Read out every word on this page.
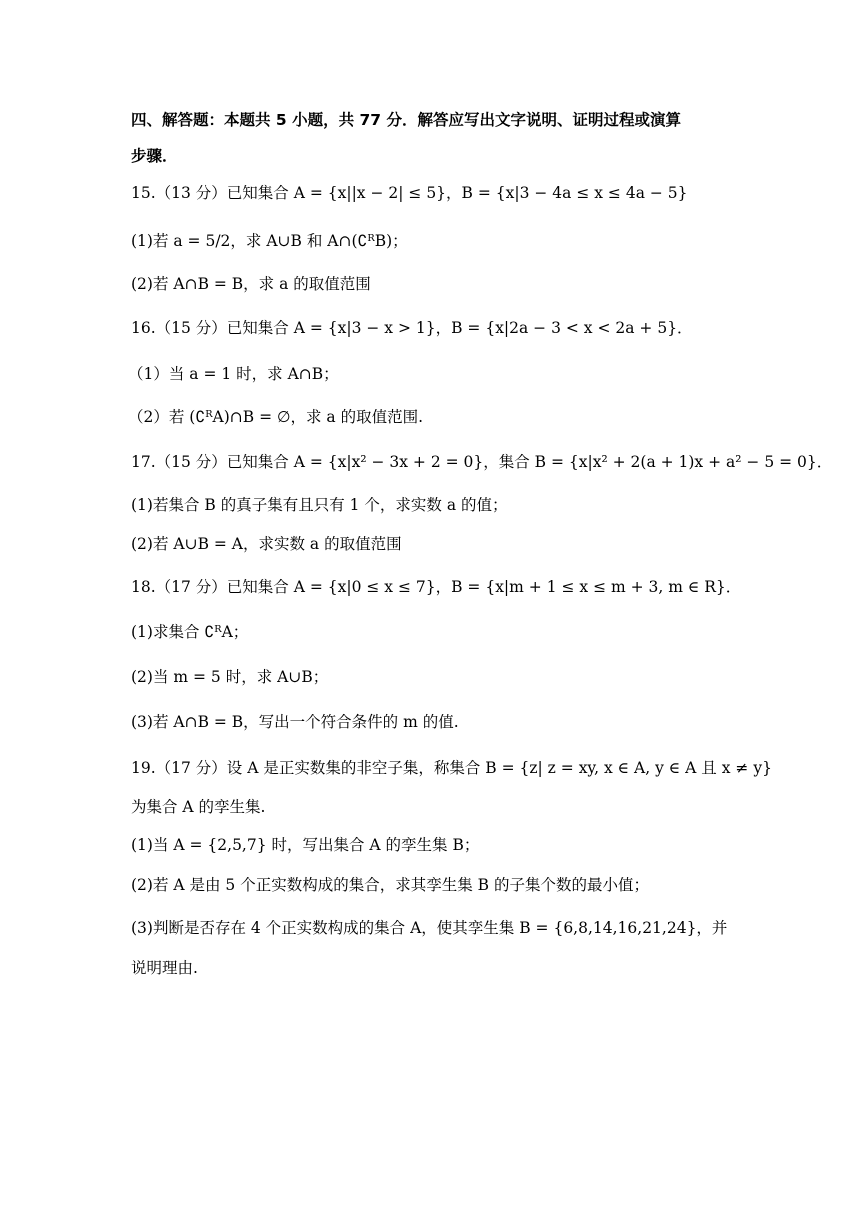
四、解答题：本题共 5 小题，共 77 分．解答应写出文字说明、证明过程或演算
步骤．
15.（13 分）已知集合 A = {x||x − 2| ≤ 5}，B = {x|3 − 4a ≤ x ≤ 4a − 5}
(1)若 a = 5/2，求 A∪B 和 A∩(∁ᴿB)；
(2)若 A∩B = B，求 a 的取值范围
16.（15 分）已知集合 A = {x|3 − x > 1}，B = {x|2a − 3 < x < 2a + 5}．
（1）当 a = 1 时，求 A∩B；
（2）若 (∁ᴿA)∩B = ∅，求 a 的取值范围.
17.（15 分）已知集合 A = {x|x² − 3x + 2 = 0}，集合 B = {x|x² + 2(a + 1)x + a² − 5 = 0}．
(1)若集合 B 的真子集有且只有 1 个，求实数 a 的值；
(2)若 A∪B = A，求实数 a 的取值范围
18.（17 分）已知集合 A = {x|0 ≤ x ≤ 7}，B = {x|m + 1 ≤ x ≤ m + 3, m ∈ R}．
(1)求集合 ∁ᴿA；
(2)当 m = 5 时，求 A∪B；
(3)若 A∩B = B，写出一个符合条件的 m 的值.
19.（17 分）设 A 是正实数集的非空子集，称集合 B = {z| z = xy, x ∈ A, y ∈ A 且 x ≠ y}
为集合 A 的孪生集.
(1)当 A = {2,5,7} 时，写出集合 A 的孪生集 B；
(2)若 A 是由 5 个正实数构成的集合，求其孪生集 B 的子集个数的最小值；
(3)判断是否存在 4 个正实数构成的集合 A，使其孪生集 B = {6,8,14,16,21,24}，并
说明理由.
